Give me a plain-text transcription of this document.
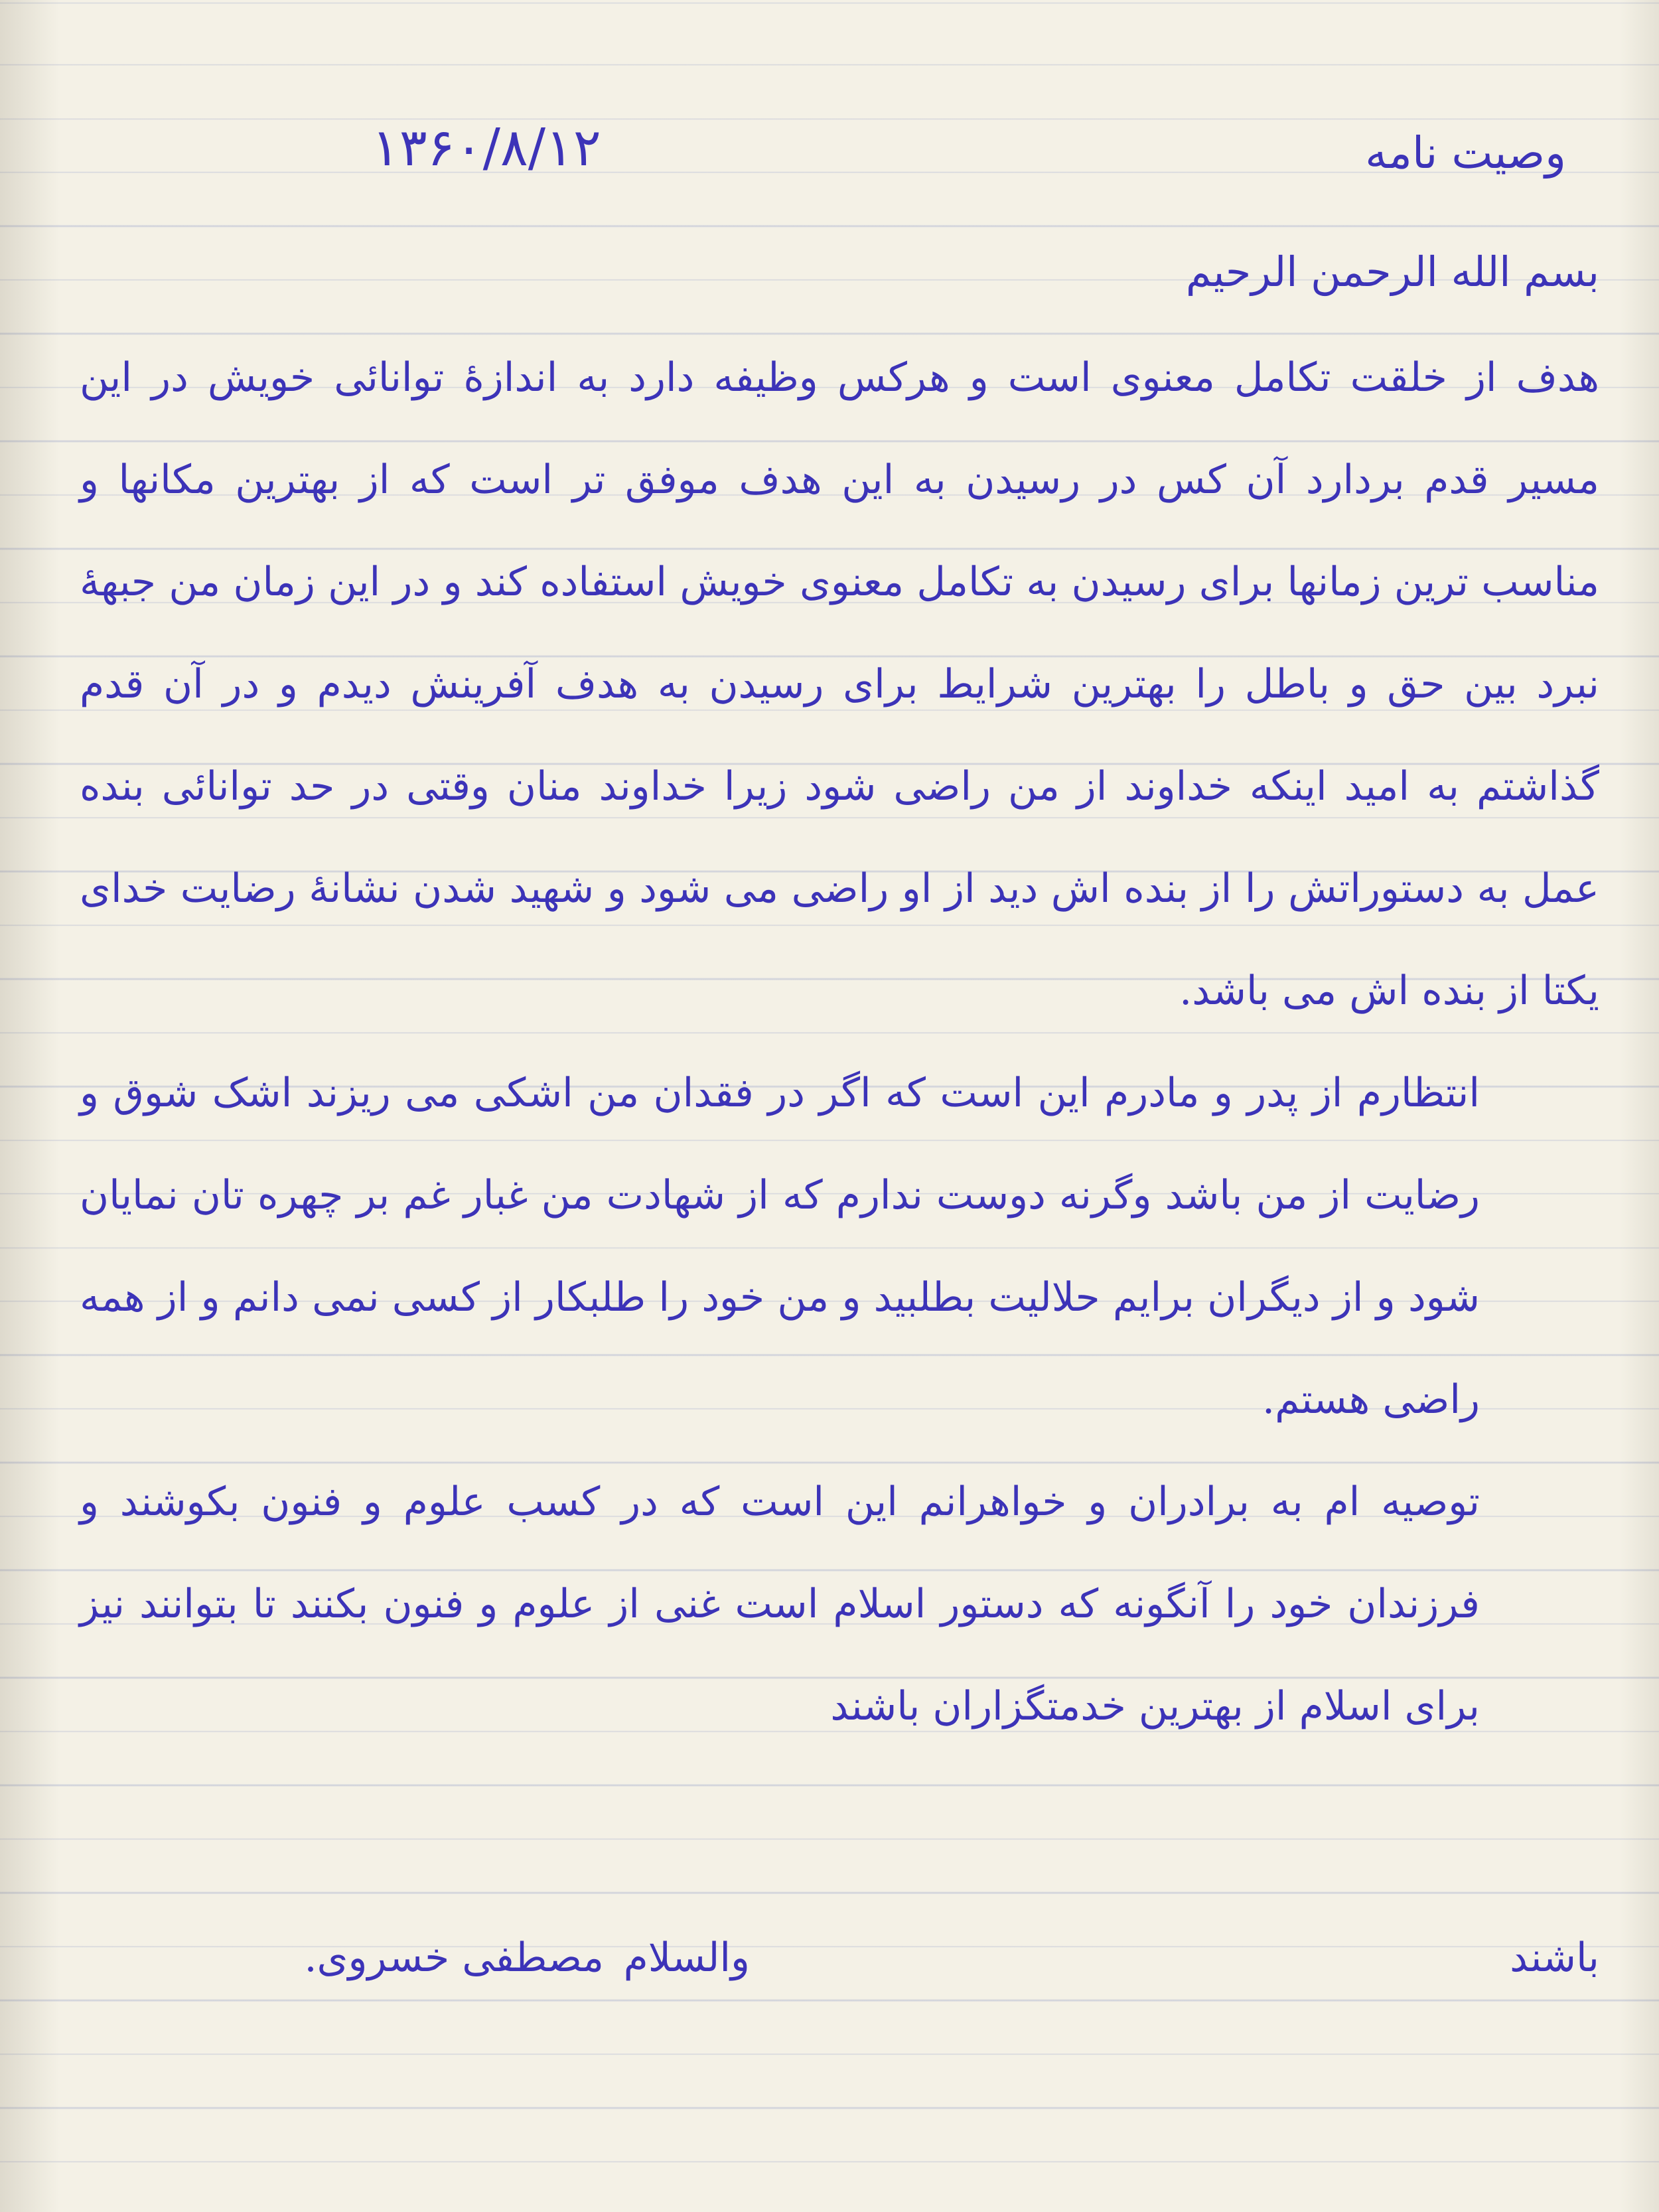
۱۳۶۰/۸/۱۲	وصیت نامه
بسم الله الرحمن الرحیم

هدف از خلقت تکامل معنوی است و هرکس وظیفه دارد به اندازهٔ توانائی خویش در این مسیر قدم بردارد آن کس در رسیدن به این هدف موفق تر است که از بهترین مکانها و مناسب ترین زمانها برای رسیدن به تکامل معنوی خویش استفاده کند و در این زمان من جبههٔ نبرد بین حق و باطل را بهترین شرایط برای رسیدن به هدف آفرینش دیدم و در آن قدم گذاشتم به امید اینکه خداوند از من راضی شود زیرا خداوند منان وقتی در حد توانائی بنده عمل به دستوراتش را از بنده اش دید از او راضی می شود و شهید شدن نشانهٔ رضایت خدای یکتا از بنده اش می باشد.

انتظارم از پدر و مادرم این است که اگر در فقدان من اشکی می ریزند اشک شوق و رضایت از من باشد وگرنه دوست ندارم که از شهادت من غبار غم بر چهره تان نمایان شود و از دیگران برایم حلالیت بطلبید و من خود را طلبکار از کسی نمی دانم و از همه راضی هستم.

توصیه ام به برادران و خواهرانم این است که در کسب علوم و فنون بکوشند و فرزندان خود را آنگونه که دستور اسلام است غنی از علوم و فنون بکنند تا بتوانند نیز برای اسلام از بهترین خدمتگزاران باشند

باشند
والسلام
مصطفی خسروی.
